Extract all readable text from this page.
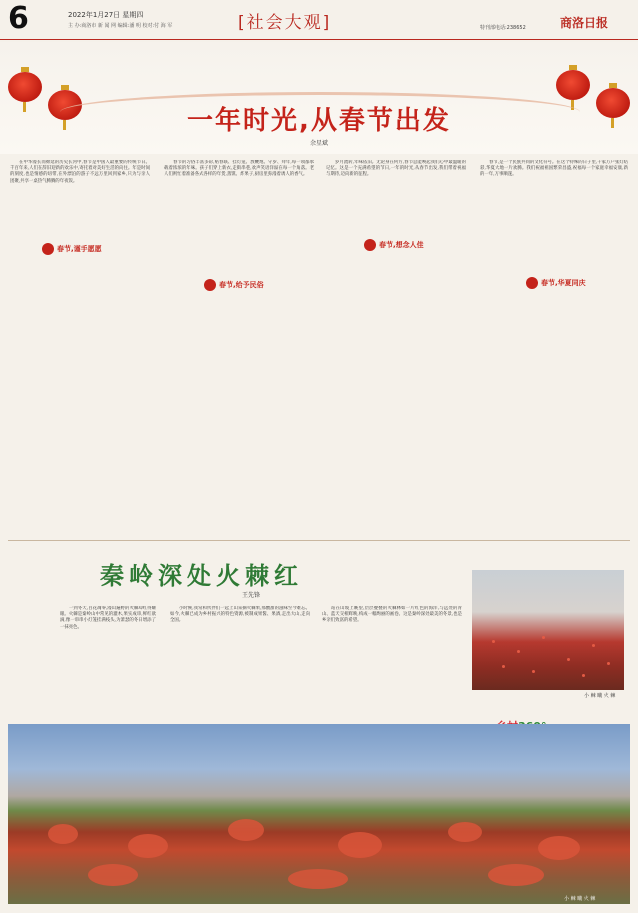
6	2022年1月27日 星期四
主 办:商洛市 新 闻 网 编辑:潘 明 校对:付 海 军	[社会大观]	特刊部电话:238652	商洛日报
一年时光,从春节出发
余星斌

在中华漫长而绵延的历史长河中,春节是中国人最重要的传统节日。千百年来,人们在辞旧迎新的欢乐中,寄托着对美好生活的向往。年是时间的刻度,也是情感的纽带,在外漂泊的游子不远万里回到家乡,只为与亲人团聚,共享一桌热气腾腾的年夜饭。

春节,谨手愿愿

春节的习俗丰富多彩,贴春联、挂灯笼、放鞭炮、守岁、拜年,每一项都承载着浓浓的年味。孩子们穿上新衣,走街串巷,欢声笑语洋溢在每一个角落。老人们则忙着准备各式各样的年货,蒸馍、炸果子,厨房里弥漫着诱人的香气。

春节,给予民俗

岁月流转,年味依旧。无论身在何方,春节总能唤起我们心中最温暖的记忆。这是一个充满希望的节日,一年的时光,从春节出发,我们带着祝福与期待,迈向新的征程。

春节,想念人佳

春节,是一个民族共同的文化符号。在这个特殊的日子里,千家万户张灯结彩,华夏大地一片欢腾。我们祝福祖国繁荣昌盛,祝福每一个家庭幸福安康,新的一年,万事顺遂。

春节,华夏同庆
秦岭深处火棘红
王先锋

一到冬天,百花凋零,漫山遍野的火棘却红得耀眼。火棘是秦岭山中常见的灌木,果实成串,鲜红欲滴,像一串串小灯笼挂满枝头,为萧瑟的冬日增添了一抹亮色。

小时候,我常和伙伴们一起上山采摘火棘果,那酸甜的滋味至今难忘。如今,火棘已成为乡村振兴的特色资源,被制成果酱、果酒,走出大山,走向全国。

站在山坡上眺望,层层叠叠的火棘林如一片红色的海洋,与远处的青山、蓝天交相辉映,构成一幅绚丽的画卷。这是秦岭深处最美的冬景,也是乡亲们致富的希望。

小 棘 曦 火 棘
小 棘 曦 火 棘
